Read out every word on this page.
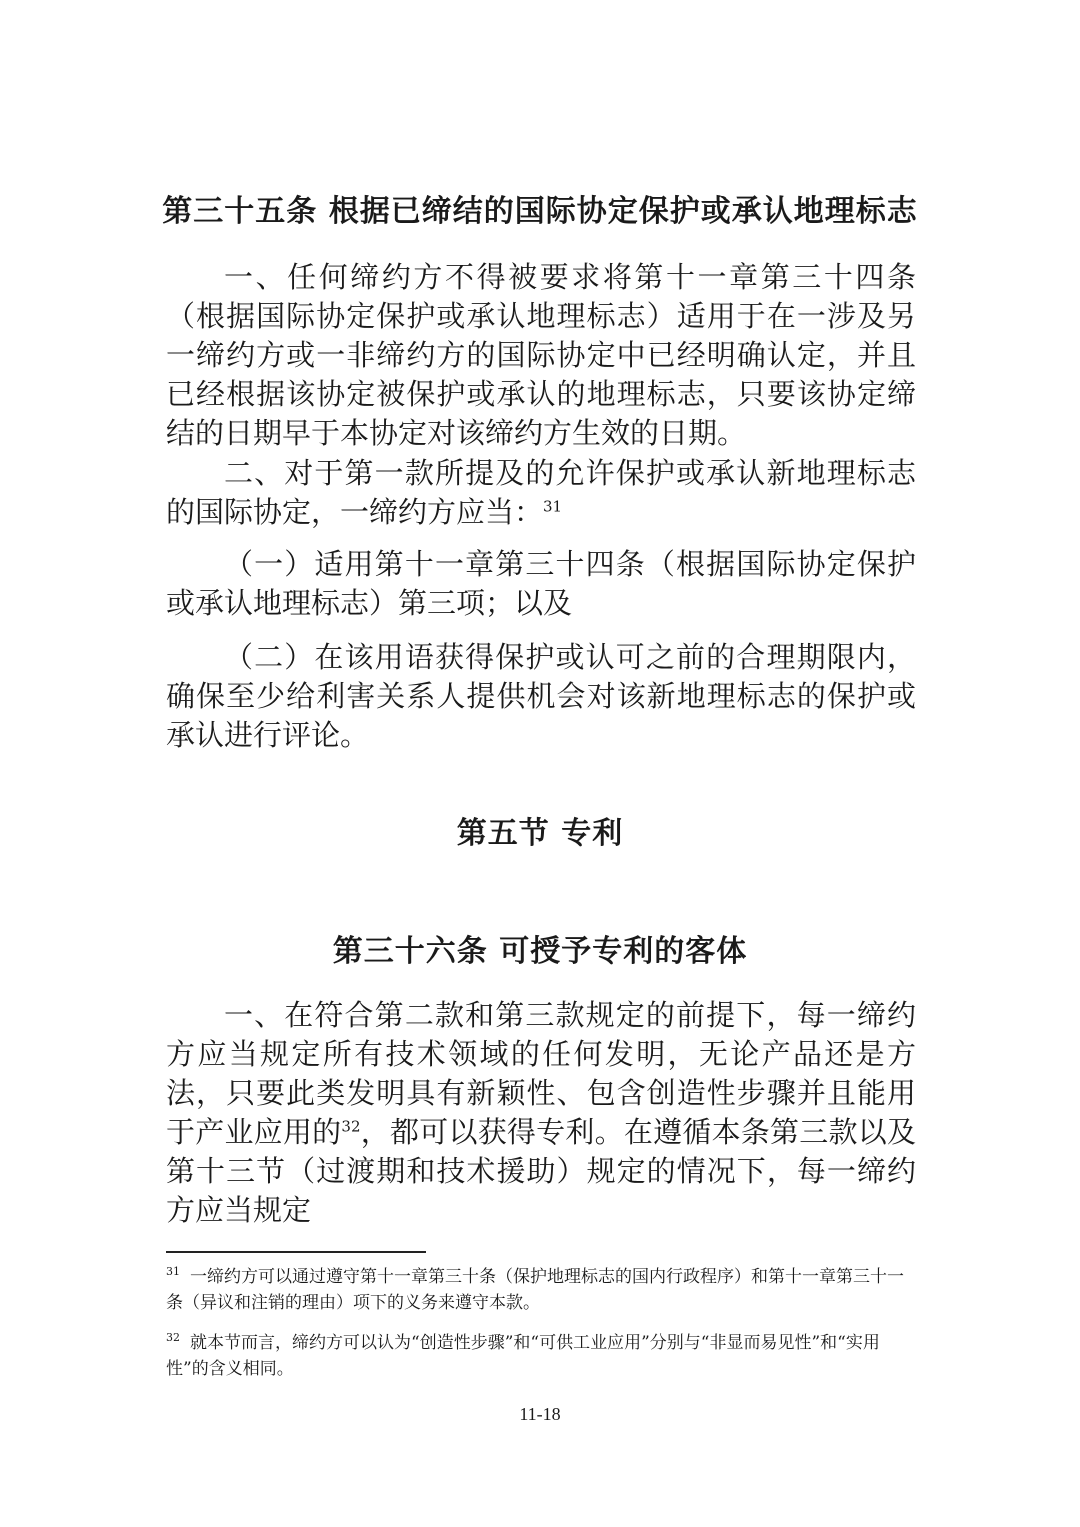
第三十五条 根据已缔结的国际协定保护或承认地理标志

一、任何缔约方不得被要求将第十一章第三十四条（根据国际协定保护或承认地理标志）适用于在一涉及另一缔约方或一非缔约方的国际协定中已经明确认定，并且已经根据该协定被保护或承认的地理标志，只要该协定缔结的日期早于本协定对该缔约方生效的日期。

二、对于第一款所提及的允许保护或承认新地理标志的国际协定，一缔约方应当：$^{31}$

（一）适用第十一章第三十四条（根据国际协定保护或承认地理标志）第三项；以及

（二）在该用语获得保护或认可之前的合理期限内，确保至少给利害关系人提供机会对该新地理标志的保护或承认进行评论。

第五节 专利
第三十六条 可授予专利的客体

一、在符合第二款和第三款规定的前提下，每一缔约方应当规定所有技术领域的任何发明，无论产品还是方法，只要此类发明具有新颖性、包含创造性步骤并且能用于产业应用的$^{32}$，都可以获得专利。在遵循本条第三款以及第十三节（过渡期和技术援助）规定的情况下，每一缔约方应当规定

$^{31}$ 一缔约方可以通过遵守第十一章第三十条（保护地理标志的国内行政程序）和第十一章第三十一条（异议和注销的理由）项下的义务来遵守本款。

$^{32}$ 就本节而言，缔约方可以认为“创造性步骤”和“可供工业应用”分别与“非显而易见性”和“实用性”的含义相同。

11-18
